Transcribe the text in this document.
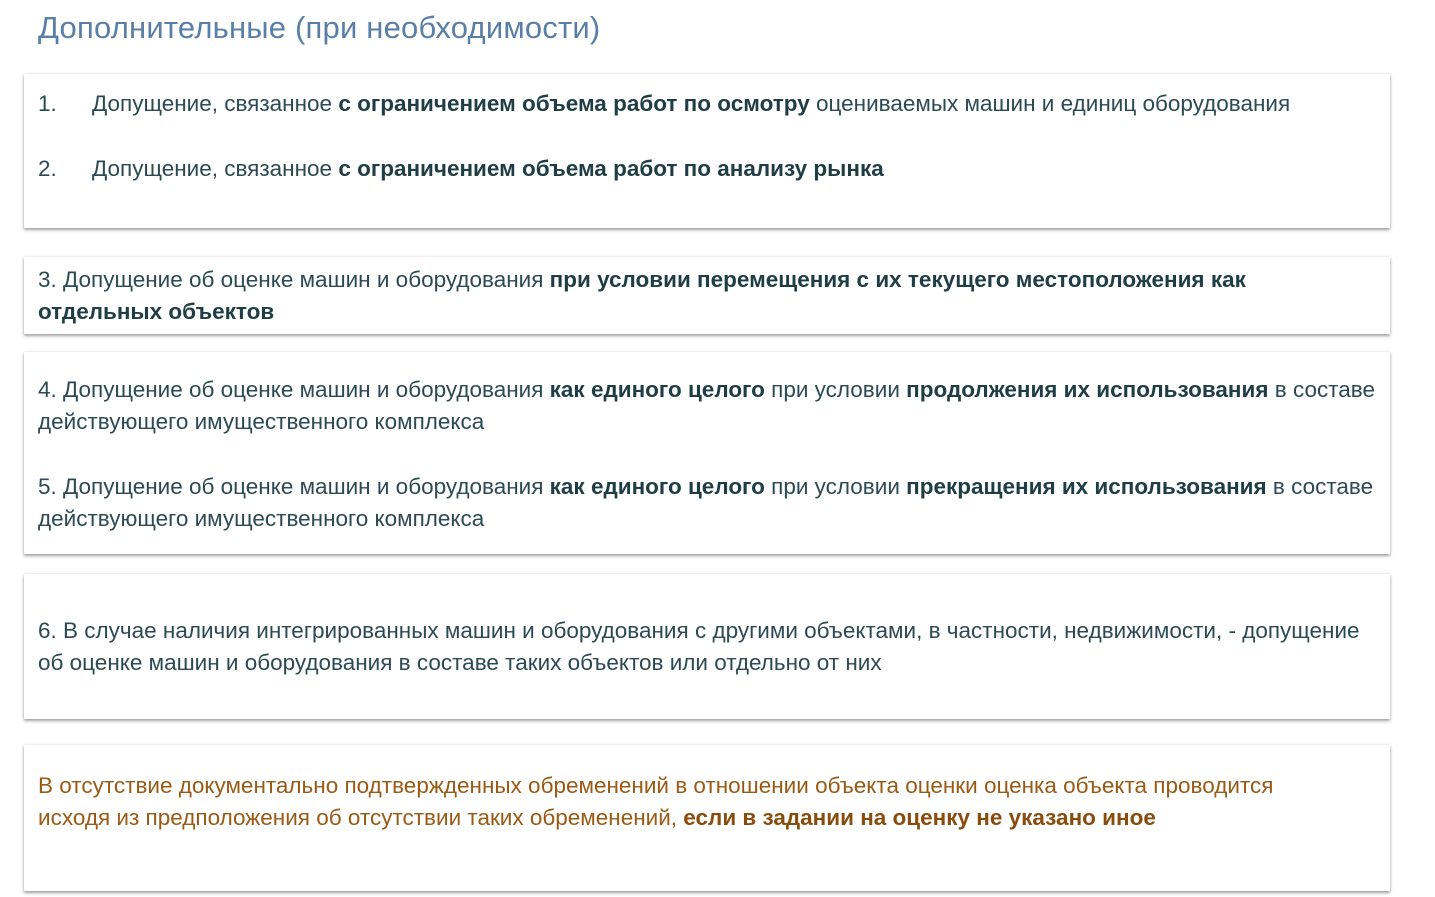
Дополнительные (при необходимости)
1.	Допущение, связанное с ограничением объема работ по осмотру оцениваемых машин и единиц оборудования
2.	Допущение, связанное с ограничением объема работ по анализу рынка

3. Допущение об оценке машин и оборудования при условии перемещения с их текущего местоположения как отдельных объектов

4. Допущение об оценке машин и оборудования как единого целого при условии продолжения их использования в составе действующего имущественного комплекса

5. Допущение об оценке машин и оборудования как единого целого при условии прекращения их использования в составе действующего имущественного комплекса

6. В случае наличия интегрированных машин и оборудования с другими объектами, в частности, недвижимости, - допущение об оценке машин и оборудования в составе таких объектов или отдельно от них

В отсутствие документально подтвержденных обременений в отношении объекта оценки оценка объекта проводится исходя из предположения об отсутствии таких обременений, если в задании на оценку не указано иное
